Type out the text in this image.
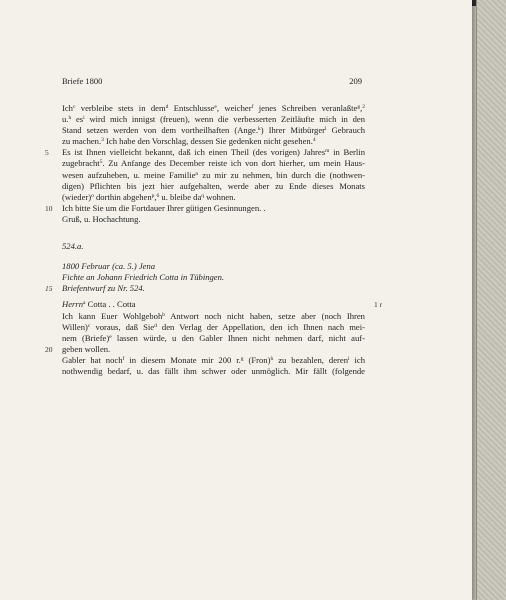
Briefe 1800	209
Ich$^c$ verbleibe stets in dem$^d$ Entschlusse$^e$, weicher$^f$ jenes Schreiben veranlaßte$^g$,$^2$
u.$^h$ $es^i$ wird mich innigst (freuen), wenn die verbesserten Zeitläufte mich in den
Stand setzen werden von dem vortheilhaften (Ange.$^k$) Ihrer Mitbürger$^l$ Gebrauch
zu machen.$^3$ Ich habe den Vorschlag, dessen Sie gedenken nicht gesehen.$^4$
Es ist Ihnen vielleicht bekannt, daß ich einen Theil (des vorigen) Jahres$^m$ in Berlin
5
zugebracht$^5$. Zu Anfange des December reiste ich von dort hierher, um mein Haus-
wesen aufzuheben, u. meine Familie$^n$ zu mir zu nehmen, bin durch die (nothwen-
digen) Pflichten bis jezt hier aufgehalten, werde aber zu Ende dieses Monats
(wieder)$^o$ dorthin abgehen$^p$,$^6$ u. bleibe $da^q$ wohnen.
Ich bitte Sie um die Fortdauer Ihrer gütigen Gesinnungen. .
10
Gruß, u. Hochachtung.
524.a.
1800 Februar (ca. 5.) Jena
Fichte an Johann Friedrich Cotta in Tübingen.
Briefentwurf zu Nr. 524.
15
Herrn$^a$ Cotta . . Cotta	1 r
Ich kann Euer Wohlgeboh$^b$ Antwort noch nicht haben, setze aber (noch Ihren
Willen)$^c$ voraus, daß Sie$^d$ den Verlag der Appellation, den ich Ihnen nach mei-
nem (Briefe)$^e$ lassen würde, u den Gabler Ihnen nicht nehmen darf, nicht auf-
geben wollen.
20
Gabler hat noch$^f$ in diesem Monate mir 200 r.$^g$ (Fron)$^h$ zu bezahlen, deren$^i$ ich
nothwendig bedarf, u. das fällt ihm schwer oder unmöglich. Mir fällt (folgende
